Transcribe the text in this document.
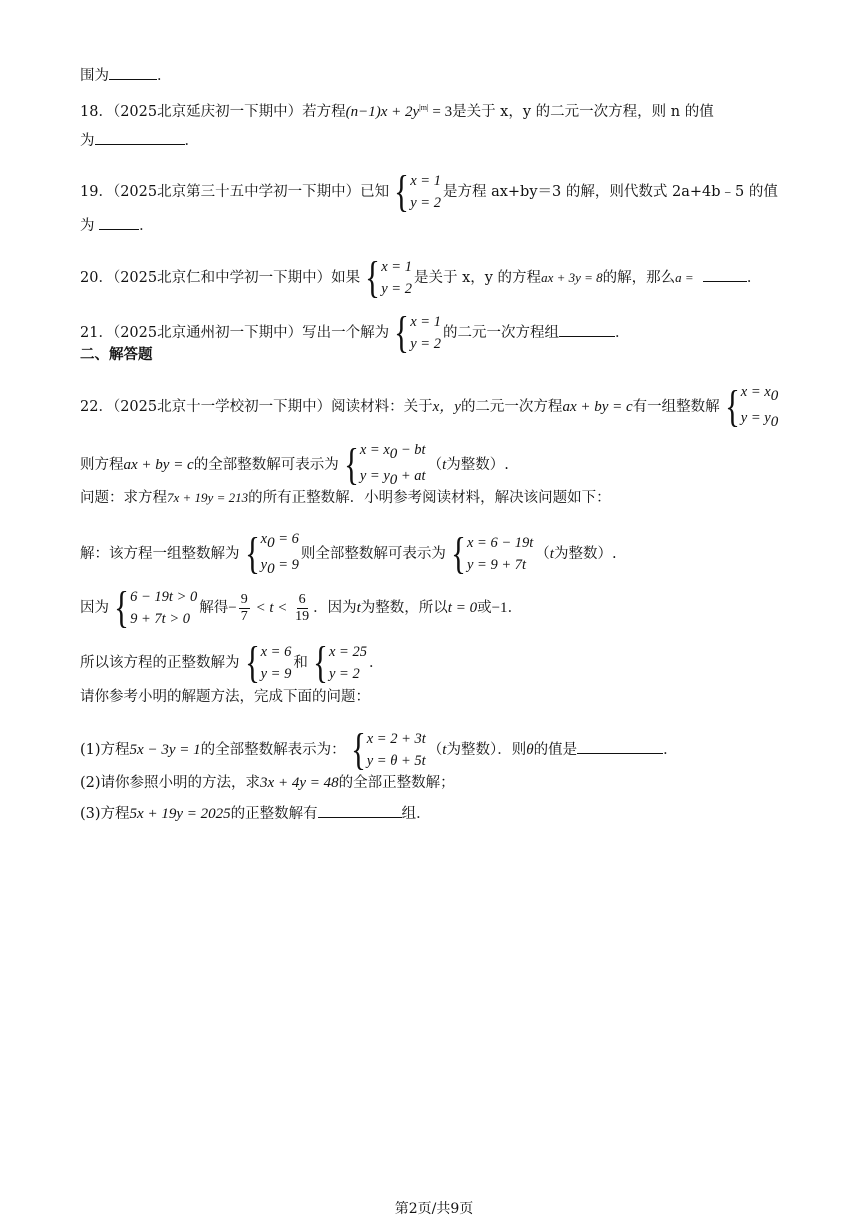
围为	．
18．（2025北京延庆初一下期中）若方程$(n-1)x + 2y^{|m|} = 3$是关于 x，y 的二元一次方程，则 n 的值
为	．
19．（2025北京第三十五中学初一下期中）已知 { x = 1
y = 2
是方程 ax+by＝3 的解，则代数式 2a+4b﹣5 的值
为	．
20．（2025北京仁和中学初一下期中）如果 { x = 1
y = 2
是关于 x，y 的方程ax + 3y = 8的解，那么a =	．
21．（2025北京通州初一下期中）写出一个解为 { x = 1
y = 2
的二元一次方程组	．
二、解答题
22．（2025北京十一学校初一下期中）阅读材料：关于x，y的二元一次方程ax + by = c有一组整数解 { $x = x_0$
$y = y_0$
则方程ax + by = c的全部整数解可表示为 { $x = x_0$ − bt
$y = y_0$ + at
（t为整数）.
问题：求方程7x + 19y = 213的所有正整数解．小明参考阅读材料，解决该问题如下：
解：该方程一组整数解为 { $x_0 = 6$
$y_0 = 9$
则全部整数解可表示为 { x = 6 − 19t
y = 9 + 7t
（t为整数）.
因为 { 6 − 19t > 0
9 + 7t > 0
解得− $\frac{9}{7} < t < \frac{6}{19}$ ．因为t为整数，所以t = 0或−1．
所以该方程的正整数解为 { x = 6
y = 9
和 { x = 25
y = 2
．
请你参考小明的解题方法，完成下面的问题：
(1)方程5x − 3y = 1的全部整数解表示为： { x = 2 + 3t
y = θ + 5t
（t为整数）．则θ的值是	．
(2)请你参照小明的方法，求3x + 4y = 48的全部正整数解；
(3)方程5x + 19y = 2025的正整数解有	组．
第2页/共9页
